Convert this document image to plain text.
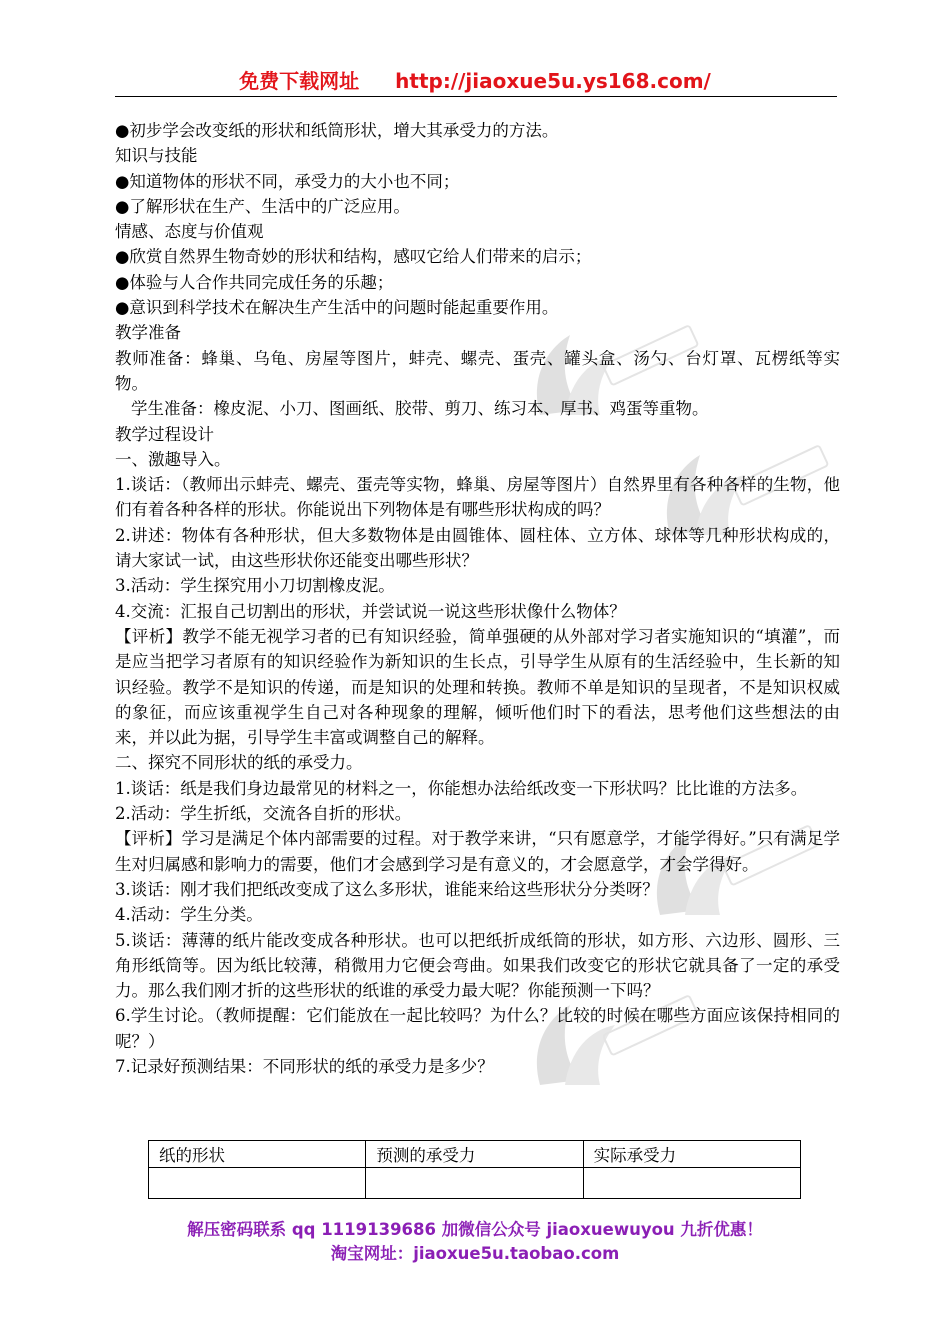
免费下载网址 http://jiaoxue5u.ys168.com/

●初步学会改变纸的形状和纸筒形状，增大其承受力的方法。

知识与技能

●知道物体的形状不同，承受力的大小也不同；

●了解形状在生产、生活中的广泛应用。

情感、态度与价值观

●欣赏自然界生物奇妙的形状和结构，感叹它给人们带来的启示；

●体验与人合作共同完成任务的乐趣；

●意识到科学技术在解决生产生活中的问题时能起重要作用。

教学准备

教师准备：蜂巢、乌龟、房屋等图片，蚌壳、螺壳、蛋壳、罐头盒、汤勺、台灯罩、瓦楞纸等实物。

学生准备：橡皮泥、小刀、图画纸、胶带、剪刀、练习本、厚书、鸡蛋等重物。

教学过程设计

一、激趣导入。

1.谈话：（教师出示蚌壳、螺壳、蛋壳等实物，蜂巢、房屋等图片）自然界里有各种各样的生物，他们有着各种各样的形状。你能说出下列物体是有哪些形状构成的吗？

2.讲述：物体有各种形状，但大多数物体是由圆锥体、圆柱体、立方体、球体等几种形状构成的，请大家试一试，由这些形状你还能变出哪些形状？

3.活动：学生探究用小刀切割橡皮泥。

4.交流：汇报自己切割出的形状，并尝试说一说这些形状像什么物体？

【评析】教学不能无视学习者的已有知识经验，简单强硬的从外部对学习者实施知识的“填灌”，而是应当把学习者原有的知识经验作为新知识的生长点，引导学生从原有的生活经验中，生长新的知识经验。教学不是知识的传递，而是知识的处理和转换。教师不单是知识的呈现者，不是知识权威的象征，而应该重视学生自己对各种现象的理解，倾听他们时下的看法，思考他们这些想法的由来，并以此为据，引导学生丰富或调整自己的解释。

二、探究不同形状的纸的承受力。

1.谈话：纸是我们身边最常见的材料之一，你能想办法给纸改变一下形状吗？比比谁的方法多。

2.活动：学生折纸，交流各自折的形状。

【评析】学习是满足个体内部需要的过程。对于教学来讲，“只有愿意学，才能学得好。”只有满足学生对归属感和影响力的需要，他们才会感到学习是有意义的，才会愿意学，才会学得好。

3.谈话：刚才我们把纸改变成了这么多形状，谁能来给这些形状分分类呀？

4.活动：学生分类。

5.谈话：薄薄的纸片能改变成各种形状。也可以把纸折成纸筒的形状，如方形、六边形、圆形、三角形纸筒等。因为纸比较薄，稍微用力它便会弯曲。如果我们改变它的形状它就具备了一定的承受力。那么我们刚才折的这些形状的纸谁的承受力最大呢？你能预测一下吗？

6.学生讨论。（教师提醒：它们能放在一起比较吗？为什么？比较的时候在哪些方面应该保持相同的呢？）

7.记录好预测结果：不同形状的纸的承受力是多少？

纸的形状	预测的承受力	实际承受力

解压密码联系 qq 1119139686 加微信公众号 jiaoxuewuyou 九折优惠！
淘宝网址：jiaoxue5u.taobao.com
